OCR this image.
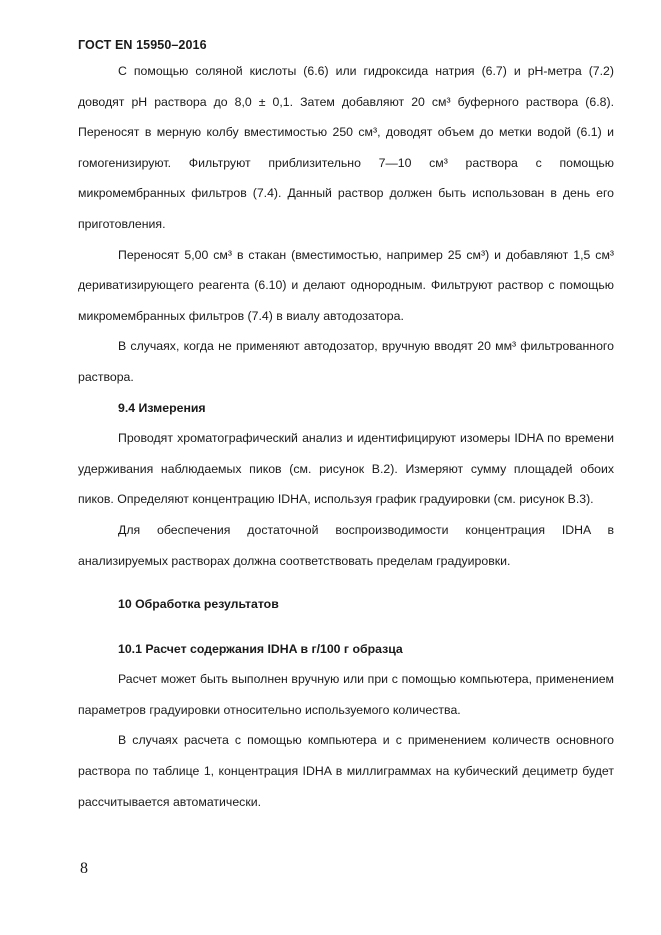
ГОСТ EN 15950–2016

С помощью соляной кислоты (6.6) или гидроксида натрия (6.7) и pH-метра (7.2) доводят pH раствора до 8,0 ± 0,1. Затем добавляют 20 см³ буферного раствора (6.8). Переносят в мерную колбу вместимостью 250 см³, доводят объем до метки водой (6.1) и гомогенизируют. Фильтруют приблизительно 7—10 см³ раствора с помощью микромембранных фильтров (7.4). Данный раствор должен быть использован в день его приготовления.

Переносят 5,00 см³ в стакан (вместимостью, например 25 см³) и добавляют 1,5 см³ дериватизирующего реагента (6.10) и делают однородным. Фильтруют раствор с помощью микромембранных фильтров (7.4) в виалу автодозатора.

В случаях, когда не применяют автодозатор, вручную вводят 20 мм³ фильтрованного раствора.

9.4 Измерения

Проводят хроматографический анализ и идентифицируют изомеры IDHA по времени удерживания наблюдаемых пиков (см. рисунок В.2). Измеряют сумму площадей обоих пиков. Определяют концентрацию IDHA, используя график градуировки (см. рисунок В.3).

Для обеспечения достаточной воспроизводимости концентрация IDHA в анализируемых растворах должна соответствовать пределам градуировки.

10 Обработка результатов

10.1 Расчет содержания IDHA в г/100 г образца

Расчет может быть выполнен вручную или при с помощью компьютера, применением параметров градуировки относительно используемого количества.

В случаях расчета с помощью компьютера и с применением количеств основного раствора по таблице 1, концентрация IDHA в миллиграммах на кубический дециметр будет рассчитывается автоматически.

8
